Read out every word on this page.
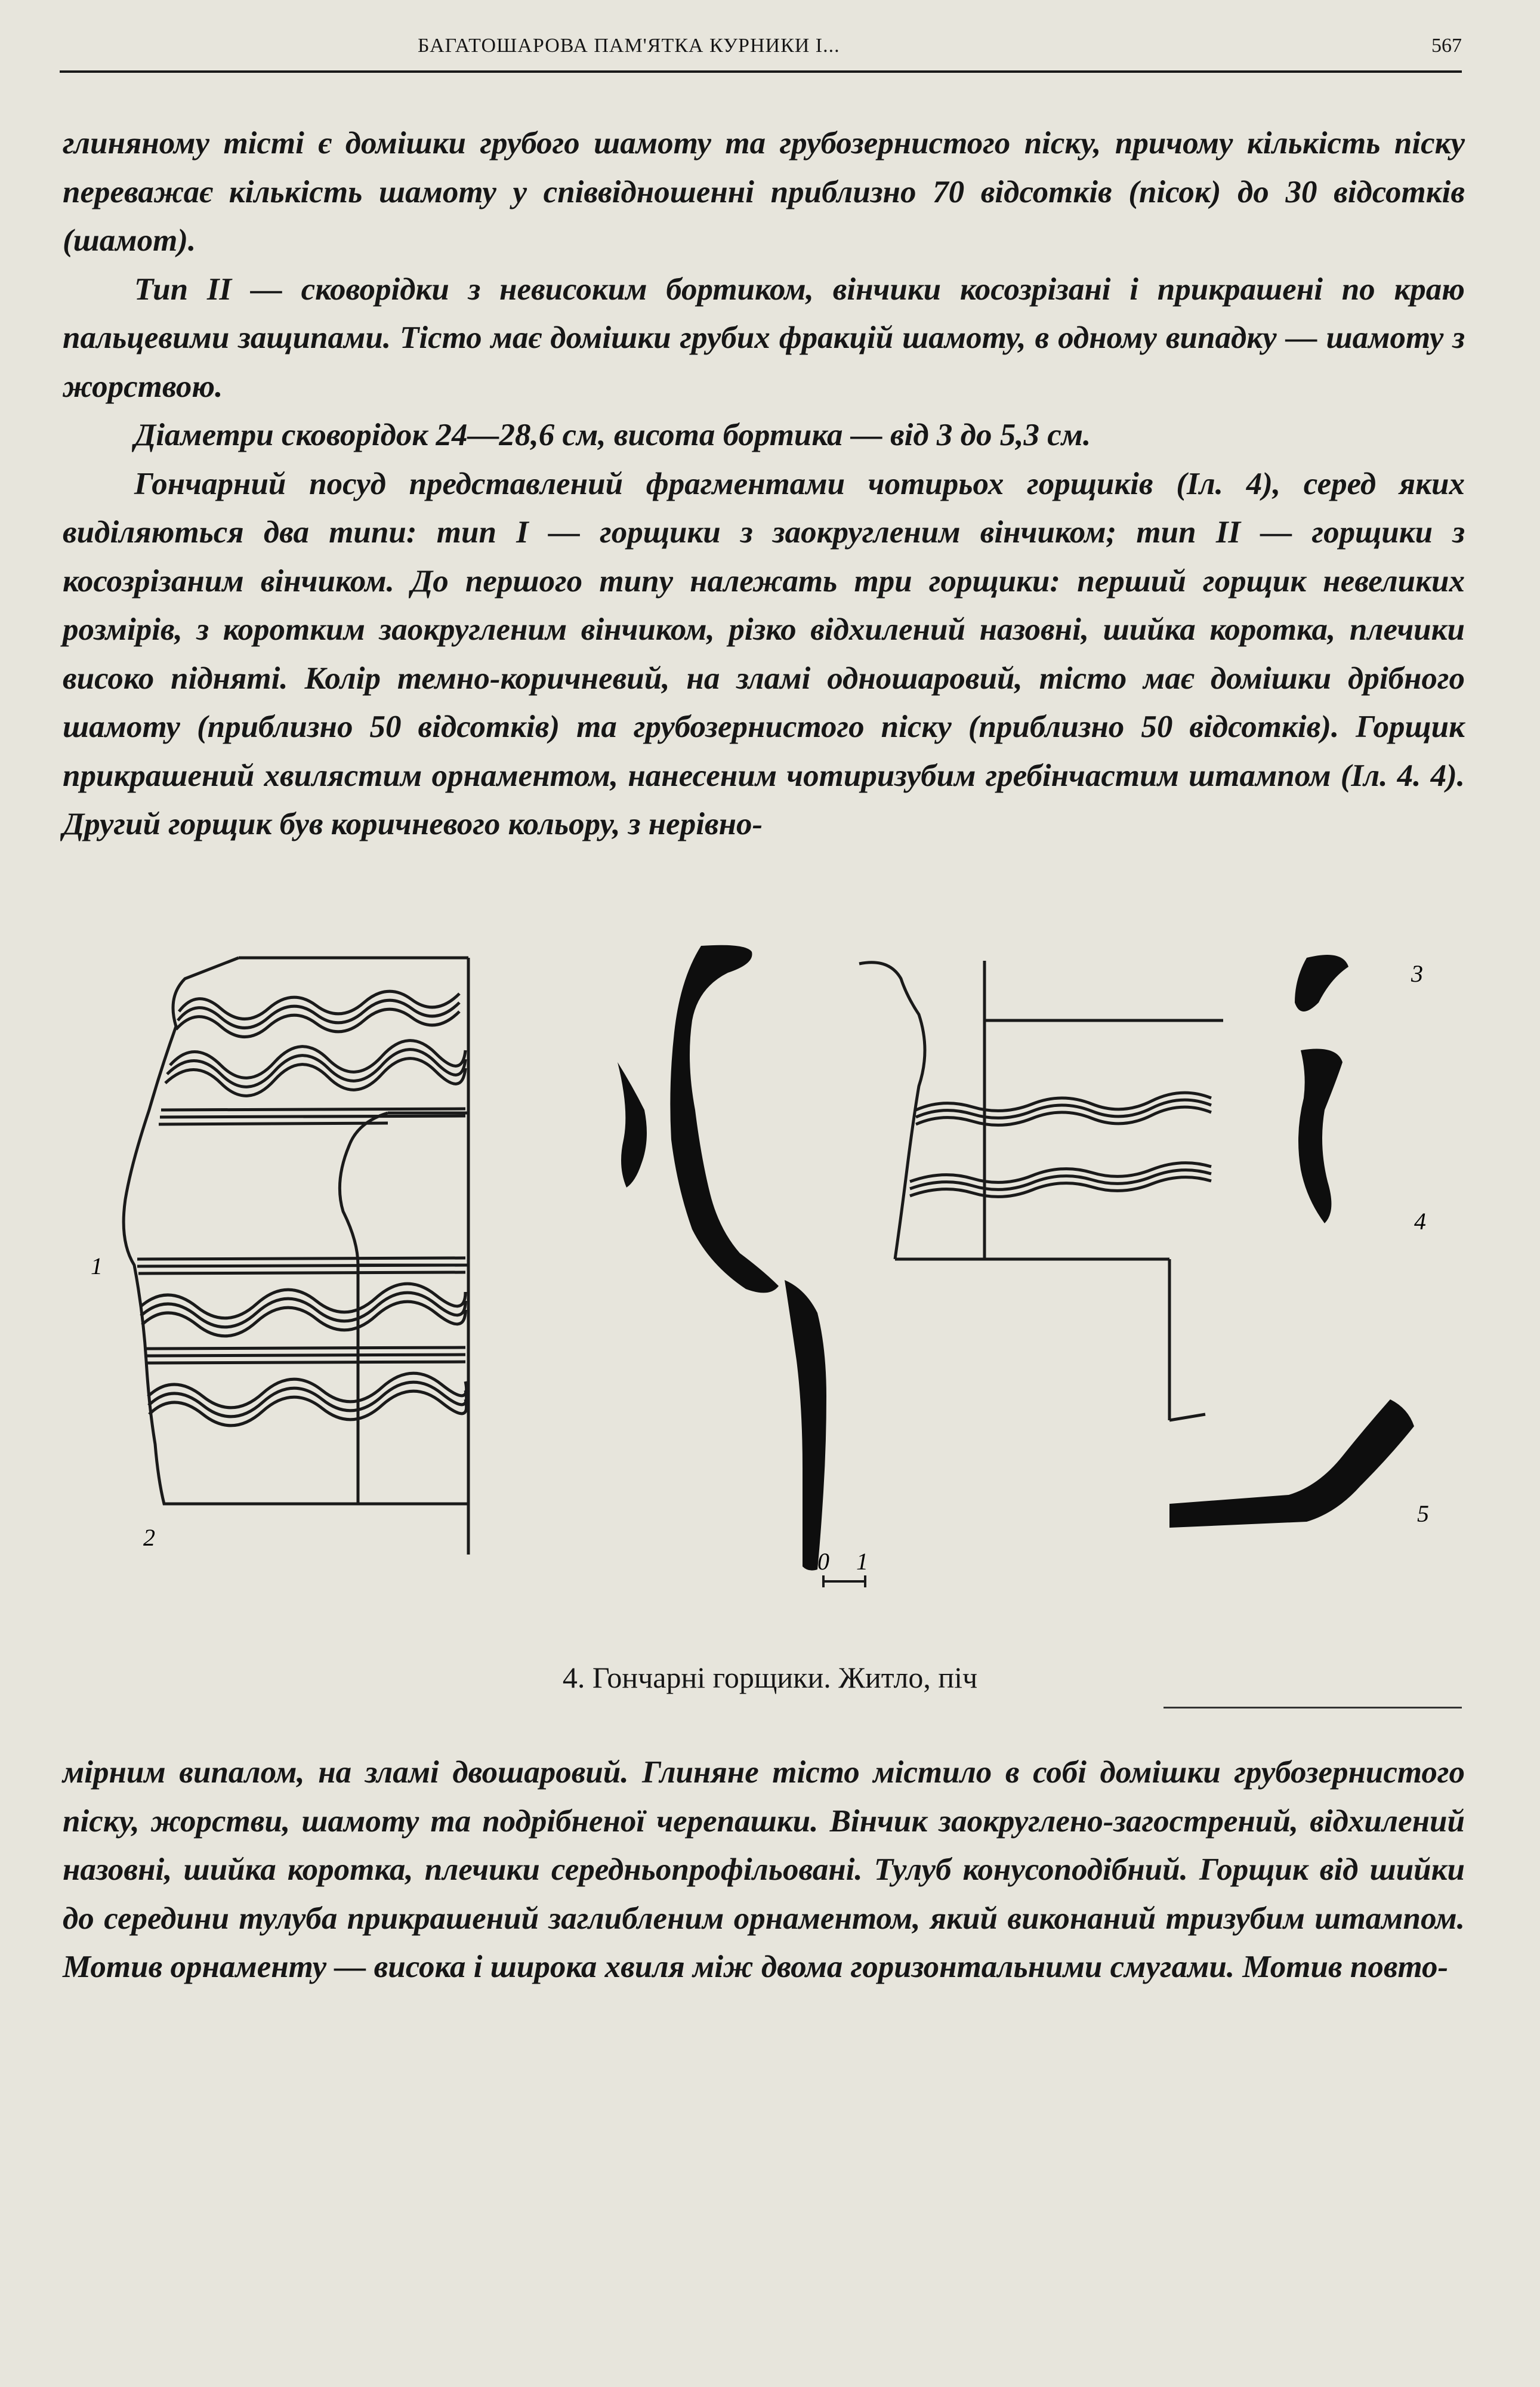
БАГАТОШАРОВА ПАМ'ЯТКА КУРНИКИ І...	567

глиняному тісті є домішки грубого шамоту та грубозернистого піску, причому кількість піску переважає кількість шамоту у співвідношенні приблизно 70 відсотків (пісок) до 30 відсотків (шамот).

Тип ІІ — сковорідки з невисоким бортиком, вінчики косозрізані і прикрашені по краю пальцевими защипами. Тісто має домішки грубих фракцій шамоту, в одному випадку — шамоту з жорствою.

Діаметри сковорідок 24—28,6 см, висота бортика — від 3 до 5,3 см.

Гончарний посуд представлений фрагментами чотирьох горщиків (Іл. 4), серед яких виділяються два типи: тип І — горщики з заокругленим вінчиком; тип ІІ — горщики з косозрізаним вінчиком. До першого типу належать три горщики: перший горщик невеликих розмірів, з коротким заокругленим вінчиком, різко відхилений назовні, шийка коротка, плечики високо підняті. Колір темно-коричневий, на зламі одношаровий, тісто має домішки дрібного шамоту (приблизно 50 відсотків) та грубозернистого піску (приблизно 50 відсотків). Горщик прикрашений хвилястим орнаментом, нанесеним чотиризубим гребінчастим штампом (Іл. 4. 4). Другий горщик був коричневого кольору, з нерівно-

1
2
3
4
5
0 1
4. Гончарні горщики. Житло, піч

мірним випалом, на зламі двошаровий. Глиняне тісто містило в собі домішки грубозернистого піску, жорстви, шамоту та подрібненої черепашки. Вінчик заокруглено-загострений, відхилений назовні, шийка коротка, плечики середньопрофільовані. Тулуб конусоподібний. Горщик від шийки до середини тулуба прикрашений заглибленим орнаментом, який виконаний тризубим штампом. Мотив орнаменту — висока і широка хвиля між двома горизонтальними смугами. Мотив повто-
